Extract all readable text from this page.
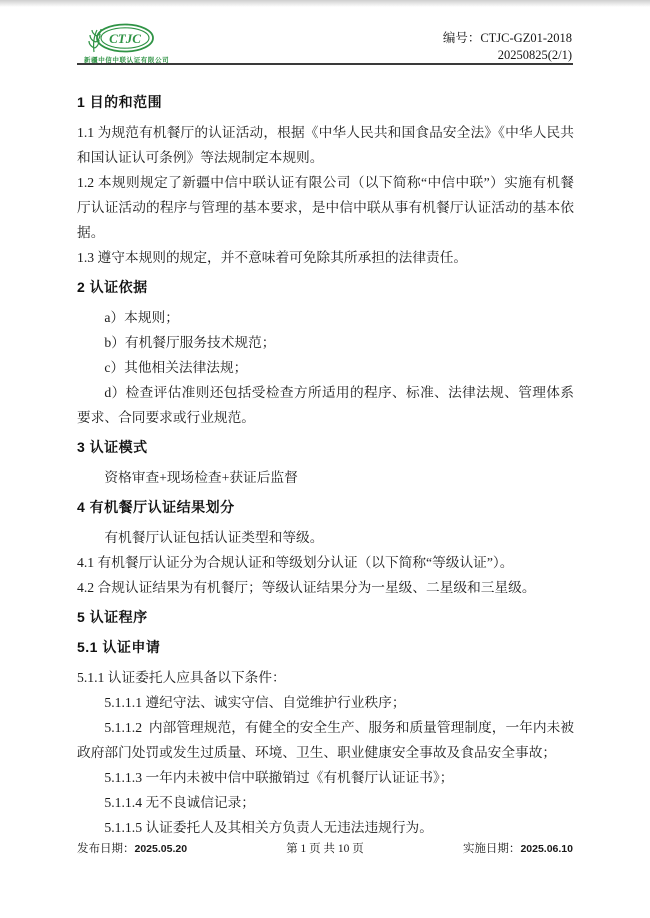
CTJC
新疆中信中联认证有限公司
编号：CTJC-GZ01-2018
20250825(2/1)
1 目的和范围

1.1 为规范有机餐厅的认证活动，根据《中华人民共和国食品安全法》《中华人民共和国认证认可条例》等法规制定本规则。

1.2 本规则规定了新疆中信中联认证有限公司（以下简称“中信中联”）实施有机餐厅认证活动的程序与管理的基本要求，是中信中联从事有机餐厅认证活动的基本依据。

1.3 遵守本规则的规定，并不意味着可免除其所承担的法律责任。

2 认证依据

a）本规则；

b）有机餐厅服务技术规范；

c）其他相关法律法规；

d）检查评估准则还包括受检查方所适用的程序、标准、法律法规、管理体系要求、合同要求或行业规范。

3 认证模式

资格审查+现场检查+获证后监督

4 有机餐厅认证结果划分

有机餐厅认证包括认证类型和等级。

4.1 有机餐厅认证分为合规认证和等级划分认证（以下简称“等级认证”）。

4.2 合规认证结果为有机餐厅；等级认证结果分为一星级、二星级和三星级。

5 认证程序
5.1 认证申请

5.1.1 认证委托人应具备以下条件：

5.1.1.1 遵纪守法、诚实守信、自觉维护行业秩序；

5.1.1.2  内部管理规范，有健全的安全生产、服务和质量管理制度，一年内未被政府部门处罚或发生过质量、环境、卫生、职业健康安全事故及食品安全事故；

5.1.1.3 一年内未被中信中联撤销过《有机餐厅认证证书》；

5.1.1.4 无不良诚信记录；

5.1.1.5 认证委托人及其相关方负责人无违法违规行为。

发布日期：2025.05.20	第 1 页 共 10 页	实施日期：2025.06.10
